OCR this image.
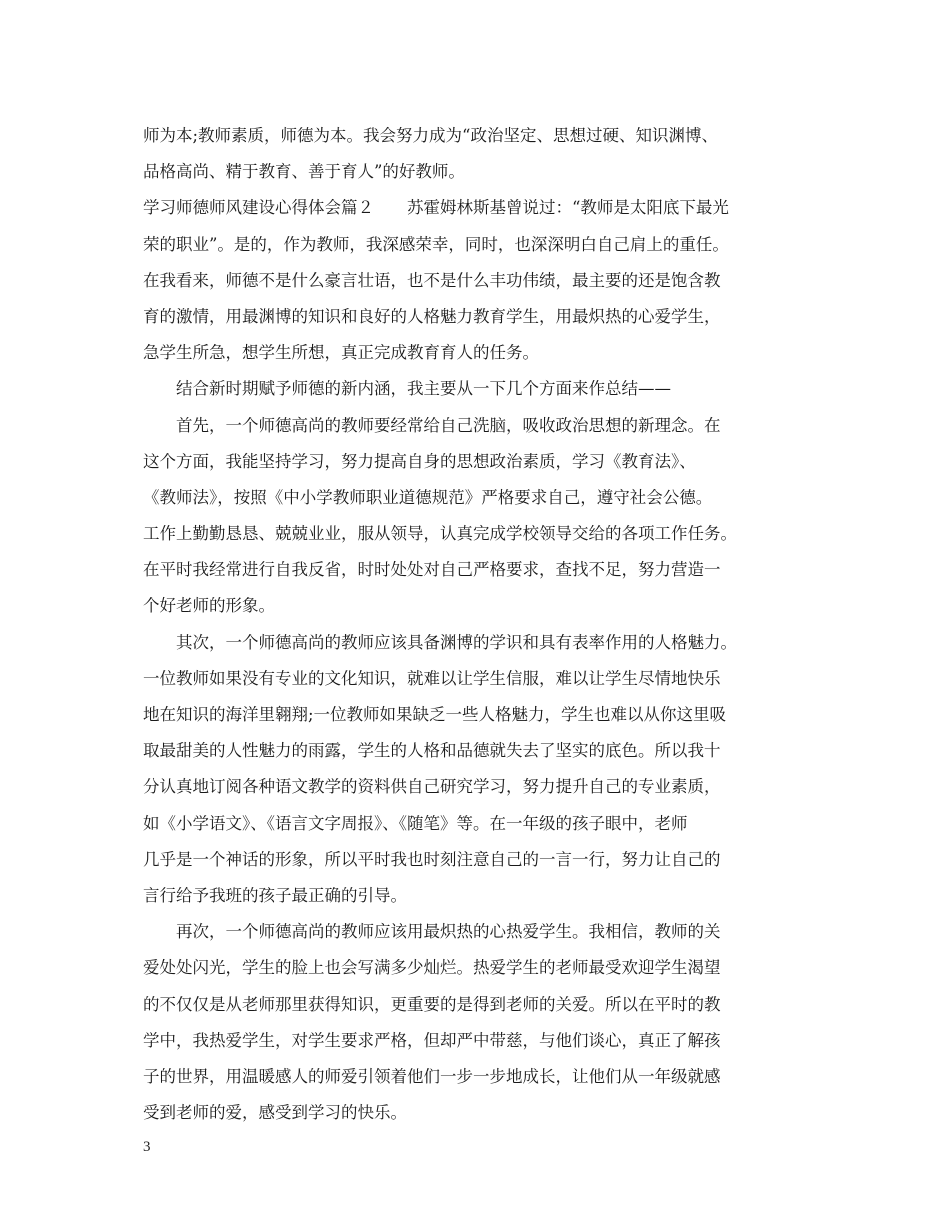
师为本;教师素质，师德为本。我会努力成为“政治坚定、思想过硬、知识渊博、
品格高尚、精于教育、善于育人”的好教师。
学习师德师风建设心得体会篇２　　苏霍姆林斯基曾说过：“教师是太阳底下最光
荣的职业”。是的，作为教师，我深感荣幸，同时，也深深明白自己肩上的重任。
在我看来，师德不是什么豪言壮语，也不是什么丰功伟绩，最主要的还是饱含教
育的激情，用最渊博的知识和良好的人格魅力教育学生，用最炽热的心爱学生，
急学生所急，想学生所想，真正完成教育育人的任务。
结合新时期赋予师德的新内涵，我主要从一下几个方面来作总结——
首先，一个师德高尚的教师要经常给自己洗脑，吸收政治思想的新理念。在
这个方面，我能坚持学习，努力提高自身的思想政治素质，学习《教育法》、
《教师法》，按照《中小学教师职业道德规范》严格要求自己，遵守社会公德。
工作上勤勤恳恳、兢兢业业，服从领导，认真完成学校领导交给的各项工作任务。
在平时我经常进行自我反省，时时处处对自己严格要求，查找不足，努力营造一
个好老师的形象。
其次，一个师德高尚的教师应该具备渊博的学识和具有表率作用的人格魅力。
一位教师如果没有专业的文化知识，就难以让学生信服，难以让学生尽情地快乐
地在知识的海洋里翱翔;一位教师如果缺乏一些人格魅力，学生也难以从你这里吸
取最甜美的人性魅力的雨露，学生的人格和品德就失去了坚实的底色。所以我十
分认真地订阅各种语文教学的资料供自己研究学习，努力提升自己的专业素质，
如《小学语文》、《语言文字周报》、《随笔》等。在一年级的孩子眼中，老师
几乎是一个神话的形象，所以平时我也时刻注意自己的一言一行，努力让自己的
言行给予我班的孩子最正确的引导。
再次，一个师德高尚的教师应该用最炽热的心热爱学生。我相信，教师的关
爱处处闪光，学生的脸上也会写满多少灿烂。热爱学生的老师最受欢迎学生渴望
的不仅仅是从老师那里获得知识，更重要的是得到老师的关爱。所以在平时的教
学中，我热爱学生，对学生要求严格，但却严中带慈，与他们谈心，真正了解孩
子的世界，用温暖感人的师爱引领着他们一步一步地成长，让他们从一年级就感
受到老师的爱，感受到学习的快乐。
3
